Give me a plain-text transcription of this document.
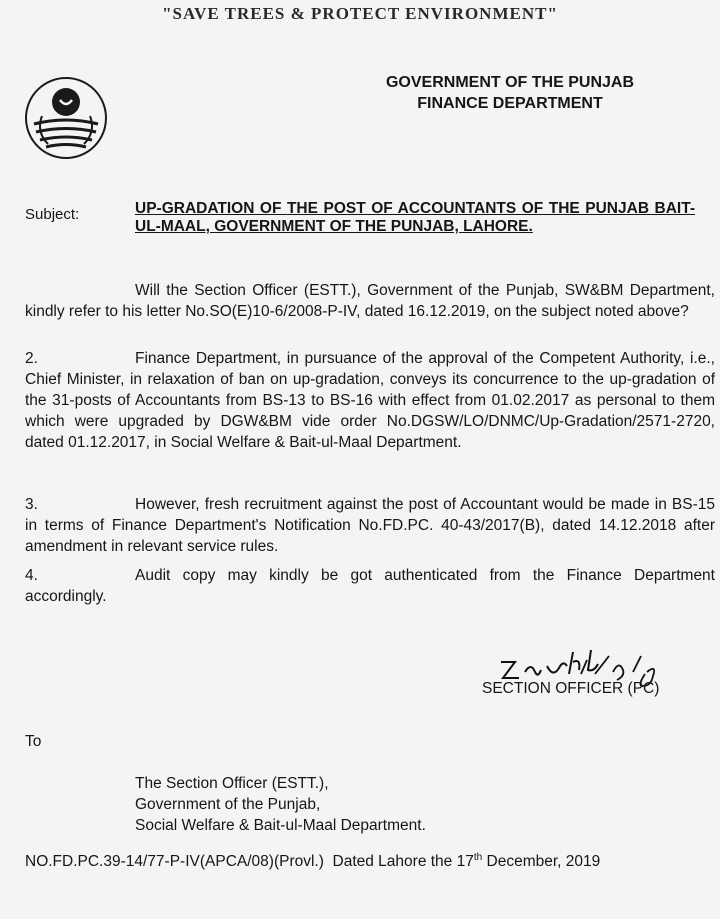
"SAVE TREES & PROTECT ENVIRONMENT"
GOVERNMENT OF THE PUNJAB
FINANCE DEPARTMENT
Subject:	UP-GRADATION OF THE POST OF ACCOUNTANTS OF THE PUNJAB BAIT-UL-MAAL, GOVERNMENT OF THE PUNJAB, LAHORE.
Will the Section Officer (ESTT.), Government of the Punjab, SW&BM Department, kindly refer to his letter No.SO(E)10-6/2008-P-IV, dated 16.12.2019, on the subject noted above?
2.	Finance Department, in pursuance of the approval of the Competent Authority, i.e., Chief Minister, in relaxation of ban on up-gradation, conveys its concurrence to the up-gradation of the 31-posts of Accountants from BS-13 to BS-16 with effect from 01.02.2017 as personal to them which were upgraded by DGW&BM vide order No.DGSW/LO/DNMC/Up-Gradation/2571-2720, dated 01.12.2017, in Social Welfare & Bait-ul-Maal Department.
3.	However, fresh recruitment against the post of Accountant would be made in BS-15 in terms of Finance Department's Notification No.FD.PC. 40-43/2017(B), dated 14.12.2018 after amendment in relevant service rules.
4.	Audit copy may kindly be got authenticated from the Finance Department accordingly.
SECTION OFFICER (PC)
To
The Section Officer (ESTT.),
Government of the Punjab,
Social Welfare & Bait-ul-Maal Department.
NO.FD.PC.39-14/77-P-IV(APCA/08)(Provl.) Dated Lahore the 17th December, 2019
